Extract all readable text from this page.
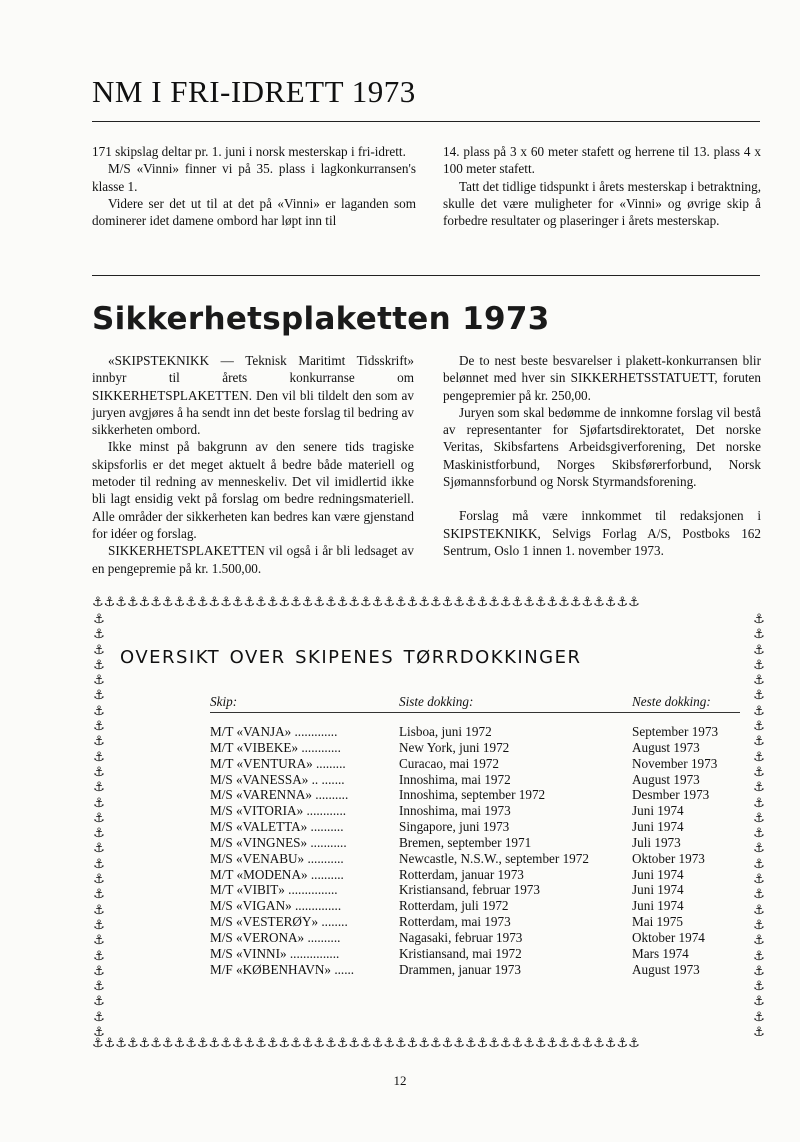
NM I FRI-IDRETT 1973

171 skipslag deltar pr. 1. juni i norsk mesterskap i fri-idrett.

M/S «Vinni» finner vi på 35. plass i lagkonkurransen's klasse 1.

Videre ser det ut til at det på «Vinni» er laganden som dominerer idet damene ombord har løpt inn til

14. plass på 3 x 60 meter stafett og herrene til 13. plass 4 x 100 meter stafett.

Tatt det tidlige tidspunkt i årets mesterskap i betraktning, skulle det være muligheter for «Vinni» og øvrige skip å forbedre resultater og plaseringer i årets mesterskap.

Sikkerhetsplaketten 1973

«SKIPSTEKNIKK — Teknisk Maritimt Tidsskrift» innbyr til årets konkurranse om SIKKERHETSPLAKETTEN. Den vil bli tildelt den som av juryen avgjøres å ha sendt inn det beste forslag til bedring av sikkerheten ombord.

Ikke minst på bakgrunn av den senere tids tragiske skipsforlis er det meget aktuelt å bedre både materiell og metoder til redning av menneskeliv. Det vil imidlertid ikke bli lagt ensidig vekt på forslag om bedre redningsmateriell. Alle områder der sikkerheten kan bedres kan være gjenstand for idéer og forslag.

SIKKERHETSPLAKETTEN vil også i år bli ledsaget av en pengepremie på kr. 1.500,00.

De to nest beste besvarelser i plakett-konkurransen blir belønnet med hver sin SIKKERHETSSTATUETT, foruten pengepremier på kr. 250,00.

Juryen som skal bedømme de innkomne forslag vil bestå av representanter for Sjøfartsdirektoratet, Det norske Veritas, Skibsfartens Arbeidsgiverforening, Det norske Maskinistforbund, Norges Skibsførerforbund, Norsk Sjømannsforbund og Norsk Styrmandsforening.

Forslag må være innkommet til redaksjonen i SKIPSTEKNIKK, Selvigs Forlag A/S, Postboks 162 Sentrum, Oslo 1 innen 1. november 1973.

⚓⚓⚓⚓⚓⚓⚓⚓⚓⚓⚓⚓⚓⚓⚓⚓⚓⚓⚓⚓⚓⚓⚓⚓⚓⚓⚓⚓⚓⚓⚓⚓⚓⚓⚓⚓⚓⚓⚓⚓⚓⚓⚓⚓⚓⚓⚓
⚓⚓⚓⚓⚓⚓⚓⚓⚓⚓⚓⚓⚓⚓⚓⚓⚓⚓⚓⚓⚓⚓⚓⚓⚓⚓⚓⚓⚓⚓⚓⚓⚓⚓⚓⚓⚓⚓⚓⚓⚓⚓⚓⚓⚓⚓⚓
⚓ ⚓ ⚓ ⚓ ⚓ ⚓ ⚓ ⚓ ⚓ ⚓ ⚓ ⚓ ⚓ ⚓ ⚓ ⚓ ⚓ ⚓ ⚓ ⚓ ⚓ ⚓ ⚓ ⚓ ⚓ ⚓ ⚓ ⚓
⚓ ⚓ ⚓ ⚓ ⚓ ⚓ ⚓ ⚓ ⚓ ⚓ ⚓ ⚓ ⚓ ⚓ ⚓ ⚓ ⚓ ⚓ ⚓ ⚓ ⚓ ⚓ ⚓ ⚓ ⚓ ⚓ ⚓ ⚓
oversikt over skipenes tørrdokkinger
Skip:	Siste dokking:	Neste dokking:
M/T «VANJA» .............	Lisboa, juni 1972	September 1973
M/T «VIBEKE» ............	New York, juni 1972	August 1973
M/T «VENTURA» .........	Curacao, mai 1972	November 1973
M/S «VANESSA» .. .......	Innoshima, mai 1972	August 1973
M/S «VARENNA» ..........	Innoshima, september 1972	Desmber 1973
M/S «VITORIA» ............	Innoshima, mai 1973	Juni 1974
M/S «VALETTA» ..........	Singapore, juni 1973	Juni 1974
M/S «VINGNES» ...........	Bremen, september 1971	Juli 1973
M/S «VENABU» ...........	Newcastle, N.S.W., september 1972	Oktober 1973
M/T «MODENA» ..........	Rotterdam, januar 1973	Juni 1974
M/T «VIBIT» ...............	Kristiansand, februar 1973	Juni 1974
M/S «VIGAN» ..............	Rotterdam, juli 1972	Juni 1974
M/S «VESTERØY» ........	Rotterdam, mai 1973	Mai 1975
M/S «VERONA» ..........	Nagasaki, februar 1973	Oktober 1974
M/S «VINNI» ...............	Kristiansand, mai 1972	Mars 1974
M/F «KØBENHAVN» ......	Drammen, januar 1973	August 1973
12
